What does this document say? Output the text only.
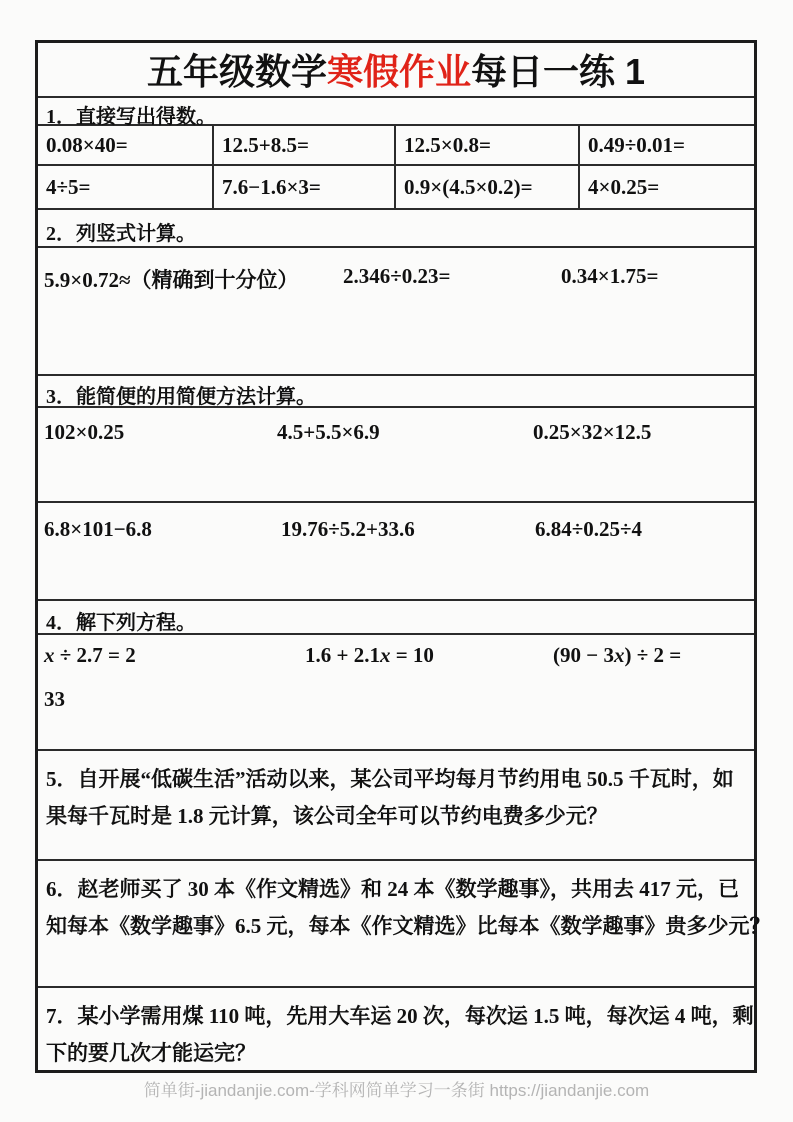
五年级数学 寒假作业 每日一练 1
1．直接写出得数。
0.08×40=	12.5+8.5=	12.5×0.8=	0.49÷0.01=
4÷5=	7.6−1.6×3=	0.9×(4.5×0.2)=	4×0.25=
2．列竖式计算。
5.9×0.72≈（精确到十分位） 2.346÷0.23=	0.34×1.75=
3．能简便的用简便方法计算。
102×0.25	4.5+5.5×6.9	0.25×32×12.5
6.8×101−6.8	19.76÷5.2+33.6	6.84÷0.25÷4
4．解下列方程。
x ÷ 2.7 = 2	1.6 + 2.1x = 10	(90 − 3x) ÷ 2 =
33
5．自开展“低碳生活”活动以来，某公司平均每月节约用电 50.5 千瓦时，如
果每千瓦时是 1.8 元计算，该公司全年可以节约电费多少元？
6．赵老师买了 30 本《作文精选》和 24 本《数学趣事》，共用去 417 元，已
知每本《数学趣事》6.5 元，每本《作文精选》比每本《数学趣事》贵多少元？
7．某小学需用煤 110 吨，先用大车运 20 次，每次运 1.5 吨，每次运 4 吨，剩
下的要几次才能运完？
简单街-jiandanjie.com-学科网简单学习一条街 https://jiandanjie.com
